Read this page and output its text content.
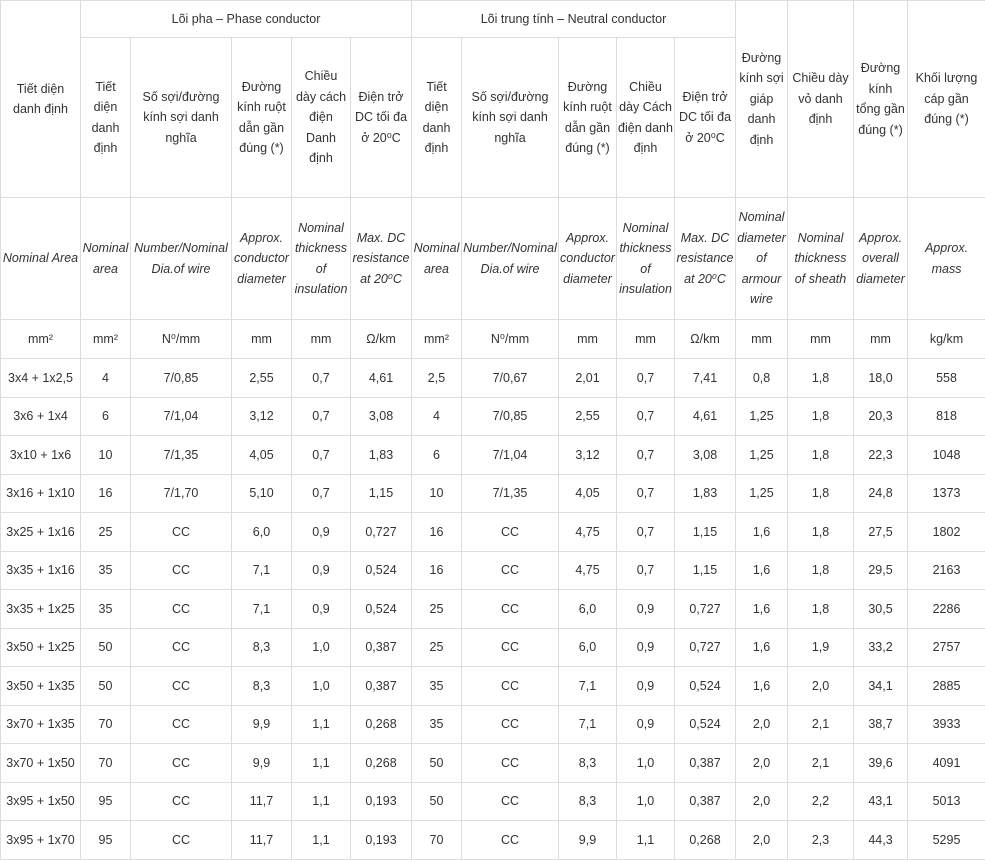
Tiết diện danh định	Lõi pha – Phase conductor					Lõi trung tính – Neutral conductor					Đường kính sợi giáp danh định	Chiều dày vỏ danh định	Đường kính tổng gần đúng (*)	Khối lượng cáp gần đúng (*)
	Tiết diện danh định	Số sợi/đường kính sợi danh nghĩa	Đường kính ruột dẫn gần đúng (*)	Chiều dày cách điện Danh định	Điện trở DC tối đa ở 20⁰C	Tiết diện danh định	Số sợi/đường kính sợi danh nghĩa	Đường kính ruột dẫn gần đúng (*)	Chiều dày Cách điện danh định	Điện trở DC tối đa ở 20⁰C				
Nominal Area	Nominal area	Number/Nominal Dia.of wire	Approx. conductor diameter	Nominal thickness of insulation	Max. DC resistance at 20⁰C	Nominal area	Number/Nominal Dia.of wire	Approx. conductor diameter	Nominal thickness of insulation	Max. DC resistance at 20⁰C	Nominal diameter of armour wire	Nominal thickness of sheath	Approx. overall diameter	Approx. mass
mm²	mm²	N⁰/mm	mm	mm	Ω/km	mm²	N⁰/mm	mm	mm	Ω/km	mm	mm	mm	kg/km
3x4 + 1x2,5	4	7/0,85	2,55	0,7	4,61	2,5	7/0,67	2,01	0,7	7,41	0,8	1,8	18,0	558
3x6 + 1x4	6	7/1,04	3,12	0,7	3,08	4	7/0,85	2,55	0,7	4,61	1,25	1,8	20,3	818
3x10 + 1x6	10	7/1,35	4,05	0,7	1,83	6	7/1,04	3,12	0,7	3,08	1,25	1,8	22,3	1048
3x16 + 1x10	16	7/1,70	5,10	0,7	1,15	10	7/1,35	4,05	0,7	1,83	1,25	1,8	24,8	1373
3x25 + 1x16	25	CC	6,0	0,9	0,727	16	CC	4,75	0,7	1,15	1,6	1,8	27,5	1802
3x35 + 1x16	35	CC	7,1	0,9	0,524	16	CC	4,75	0,7	1,15	1,6	1,8	29,5	2163
3x35 + 1x25	35	CC	7,1	0,9	0,524	25	CC	6,0	0,9	0,727	1,6	1,8	30,5	2286
3x50 + 1x25	50	CC	8,3	1,0	0,387	25	CC	6,0	0,9	0,727	1,6	1,9	33,2	2757
3x50 + 1x35	50	CC	8,3	1,0	0,387	35	CC	7,1	0,9	0,524	1,6	2,0	34,1	2885
3x70 + 1x35	70	CC	9,9	1,1	0,268	35	CC	7,1	0,9	0,524	2,0	2,1	38,7	3933
3x70 + 1x50	70	CC	9,9	1,1	0,268	50	CC	8,3	1,0	0,387	2,0	2,1	39,6	4091
3x95 + 1x50	95	CC	11,7	1,1	0,193	50	CC	8,3	1,0	0,387	2,0	2,2	43,1	5013
3x95 + 1x70	95	CC	11,7	1,1	0,193	70	CC	9,9	1,1	0,268	2,0	2,3	44,3	5295
